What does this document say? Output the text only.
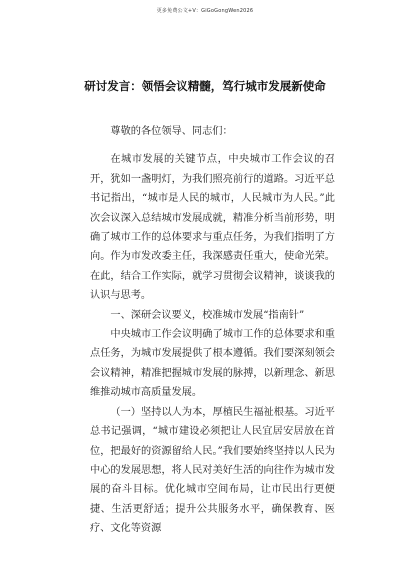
更多免费公文+V：GiGoGongWen2026
研讨发言：领悟会议精髓，笃行城市发展新使命

尊敬的各位领导、同志们：

在城市发展的关键节点，中央城市工作会议的召开，犹如一盏明灯，为我们照亮前行的道路。习近平总书记指出，“城市是人民的城市，人民城市为人民。”此次会议深入总结城市发展成就，精准分析当前形势，明确了城市工作的总体要求与重点任务，为我们指明了方向。作为市发改委主任，我深感责任重大，使命光荣。在此，结合工作实际，就学习贯彻会议精神，谈谈我的认识与思考。

一、深研会议要义，校准城市发展“指南针”

中央城市工作会议明确了城市工作的总体要求和重点任务，为城市发展提供了根本遵循。我们要深刻领会会议精神，精准把握城市发展的脉搏，以新理念、新思维推动城市高质量发展。

（一）坚持以人为本，厚植民生福祉根基。习近平总书记强调，“城市建设必须把让人民宜居安居放在首位，把最好的资源留给人民。”我们要始终坚持以人民为中心的发展思想，将人民对美好生活的向往作为城市发展的奋斗目标。优化城市空间布局，让市民出行更便捷、生活更舒适；提升公共服务水平，确保教育、医疗、文化等资源
